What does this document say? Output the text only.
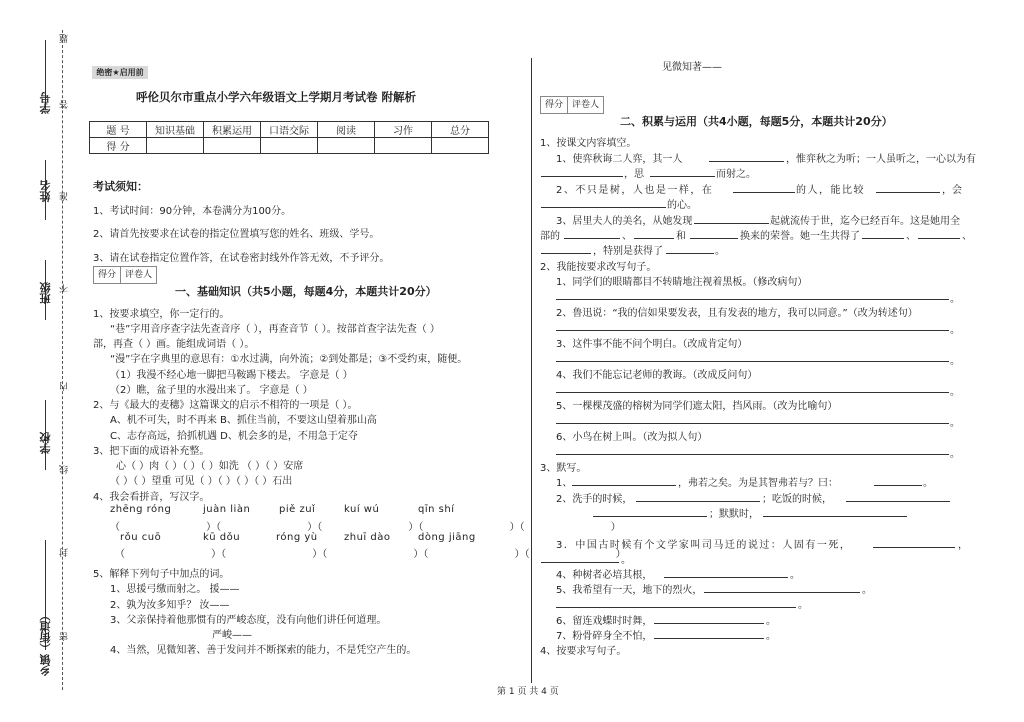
乡镇（街道）
学校
班级
姓名
学号
密
封
线
内
不
准
答
题
绝密★启用前
呼伦贝尔市重点小学六年级语文上学期月考试卷 附解析
题 号	知识基础	积累运用	口语交际	阅读	习作	总分
得 分						
考试须知：
1、考试时间：90分钟，本卷满分为100分。
2、请首先按要求在试卷的指定位置填写您的姓名、班级、学号。
3、请在试卷指定位置作答，在试卷密封线外作答无效，不予评分。
得分 评卷人
一、基础知识（共5小题，每题4分，本题共计20分）
1、按要求填空，你一定行的。
“巷”字用音序查字法先查音序（ ），再查音节（ ）。按部首查字法先查（ ）
部，再查（ ）画。能组成词语（ ）。
“漫”字在字典里的意思有：①水过满，向外流；②到处都是；③不受约束，随便。
（1）我漫不经心地一脚把马鞍踢下楼去。 字意是（ ）
（2）瞧，盆子里的水漫出来了。 字意是（ ）
2、与《最大的麦穗》这篇课文的启示不相符的一项是（ ）。
A、机不可失，时不再来 B、抓住当前，不要这山望着那山高
C、志存高远，拾抓机遇 D、机会多的是，不用急于定夺
3、把下面的成语补充整。
心（ ）肉（ ）（ ）（ ）如洗 （ ）（ ）安席
（ ）（ ）望重 可见（ ）（ ）（ ）（ ）石出
4、我会看拼音，写汉字。
zhēng róng	juàn liàn	piě zuǐ	kuí wú	qīn shí
（            ）（            ）（            ）（            ）（            ）
rǒu cuō	kū dǒu	róng yù	zhuī dào	dòng jiāng
（            ）（            ）（            ）（            ）（            ）
5、解释下列句子中加点的词。
1、思援弓缴而射之。 援——
2、孰为汝多知乎？ 汝——
3、父亲保持着他那惯有的严峻态度，没有向他们讲任何道理。
严峻——
4、当然，见微知著、善于发问并不断探索的能力，不是凭空产生的。
见微知著——
得分 评卷人
二、积累与运用（共4小题，每题5分，本题共计20分）
1、按课文内容填空。
1、使弈秋诲二人弈，其一人	，惟弈秋之为听；一人虽听之，一心以为有
，思	而射之。
2、不只是树，人也是一样，在	的人，能比较	，会
的心。
3、居里夫人的美名，从她发现	起就流传于世，迄今已经百年。这是她用全
部的	、	和	换来的荣誉。她一生共得了	、	、
，特别是获得了	。
2、我能按要求改写句子。
1、同学们的眼睛都目不转睛地注视着黑板。（修改病句）
。
2、鲁迅说：“我的信如果要发表，且有发表的地方，我可以同意。”（改为转述句）
。
3、这件事不能不问个明白。（改成肯定句）
。
4、我们不能忘记老师的教诲。（改成反问句）
。
5、一棵棵茂盛的榕树为同学们遮太阳，挡风雨。（改为比喻句）
。
6、小鸟在树上叫。（改为拟人句）
。
3、默写。
1、	，弗若之矣。为是其智弗若与？曰：	。
2、洗手的时候，	；吃饭的时候，
；默默时，
3．中国古时候有个文学家叫司马迁的说过：人固有一死，	，
。
4、种树者必培其根，	。
5、我希望有一天，地下的烈火，	。
。
6、留连戏蝶时时舞，	。
7、粉骨碎身全不怕，	。
4、按要求写句子。
第 1 页 共 4 页
